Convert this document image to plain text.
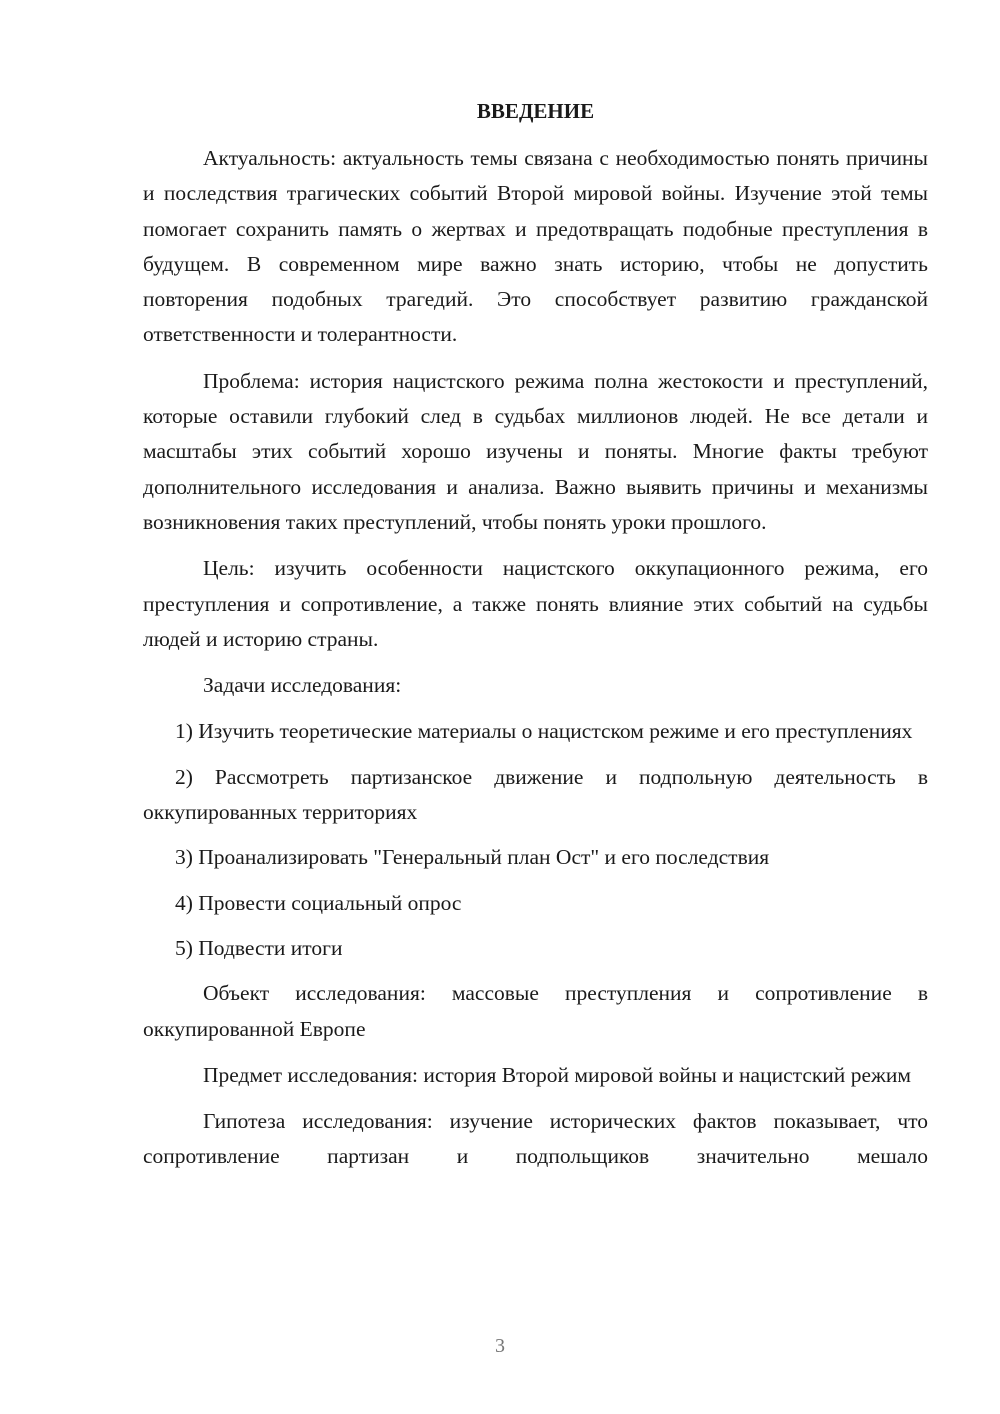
ВВЕДЕНИЕ

Актуальность: актуальность темы связана с необходимостью понять причины и последствия трагических событий Второй мировой войны. Изучение этой темы помогает сохранить память о жертвах и предотвращать подобные преступления в будущем. В современном мире важно знать историю, чтобы не допустить повторения подобных трагедий. Это способствует развитию гражданской ответственности и толерантности.

Проблема: история нацистского режима полна жестокости и преступлений, которые оставили глубокий след в судьбах миллионов людей. Не все детали и масштабы этих событий хорошо изучены и поняты. Многие факты требуют дополнительного исследования и анализа. Важно выявить причины и механизмы возникновения таких преступлений, чтобы понять уроки прошлого.

Цель: изучить особенности нацистского оккупационного режима, его преступления и сопротивление, а также понять влияние этих событий на судьбы людей и историю страны.

Задачи исследования:

1) Изучить теоретические материалы о нацистском режиме и его преступлениях

2) Рассмотреть партизанское движение и подпольную деятельность в оккупированных территориях

3) Проанализировать "Генеральный план Ост" и его последствия

4) Провести социальный опрос

5) Подвести итоги

Объект исследования: массовые преступления и сопротивление в оккупированной Европе

Предмет исследования: история Второй мировой войны и нацистский режим

Гипотеза исследования: изучение исторических фактов показывает, что сопротивление партизан и подпольщиков значительно мешало

3
